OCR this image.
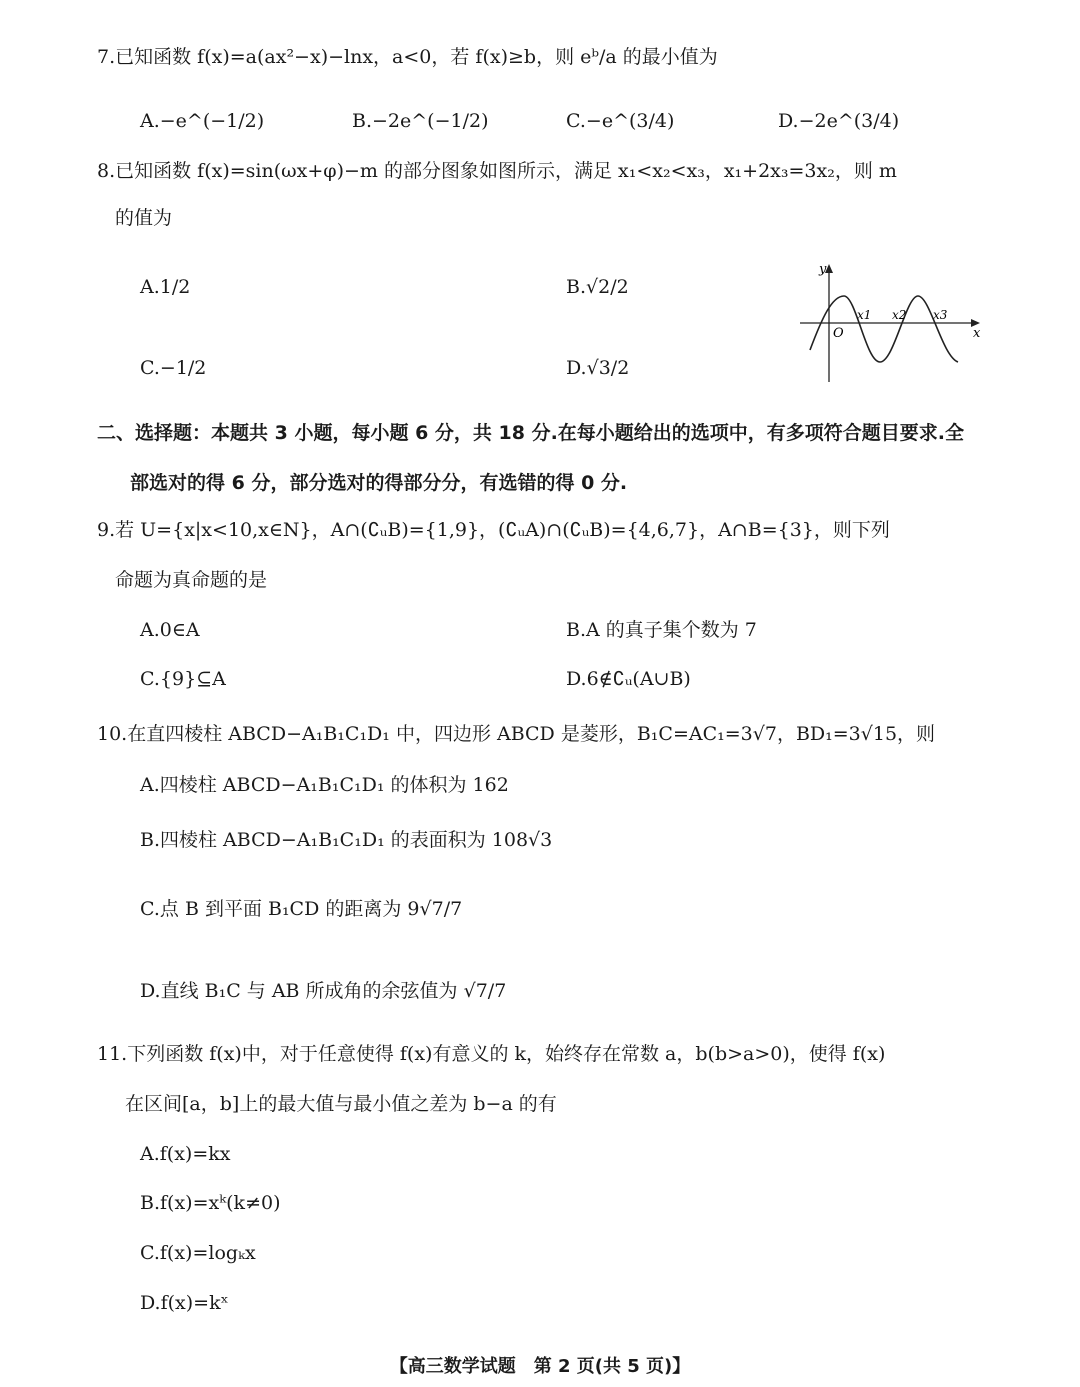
7.已知函数 f(x)=a(ax²−x)−lnx，a<0，若 f(x)≥b，则 eᵇ/a 的最小值为
A.−e^(−1/2)	B.−2e^(−1/2)	C.−e^(3/4)	D.−2e^(3/4)
8.已知函数 f(x)=sin(ωx+φ)−m 的部分图象如图所示，满足 x₁<x₂<x₃，x₁+2x₃=3x₂，则 m
的值为
A.1/2	B.√2/2
C.−1/2	D.√3/2
y
x
O
x1 x2 x3
二、选择题：本题共 3 小题，每小题 6 分，共 18 分.在每小题给出的选项中，有多项符合题目要求.全
部选对的得 6 分，部分选对的得部分分，有选错的得 0 分.
9.若 U={x|x<10,x∈N}，A∩(∁ᵤB)={1,9}，(∁ᵤA)∩(∁ᵤB)={4,6,7}，A∩B={3}，则下列
命题为真命题的是
A.0∈A	B.A 的真子集个数为 7
C.{9}⊆A	D.6∉∁ᵤ(A∪B)
10.在直四棱柱 ABCD−A₁B₁C₁D₁ 中，四边形 ABCD 是菱形，B₁C=AC₁=3√7，BD₁=3√15，则
A.四棱柱 ABCD−A₁B₁C₁D₁ 的体积为 162
B.四棱柱 ABCD−A₁B₁C₁D₁ 的表面积为 108√3
C.点 B 到平面 B₁CD 的距离为 9√7/7
D.直线 B₁C 与 AB 所成角的余弦值为 √7/7
11.下列函数 f(x)中，对于任意使得 f(x)有意义的 k，始终存在常数 a，b(b>a>0)，使得 f(x)
在区间[a，b]上的最大值与最小值之差为 b−a 的有
A.f(x)=kx
B.f(x)=xᵏ(k≠0)
C.f(x)=logₖx
D.f(x)=kˣ
【高三数学试题　第 2 页(共 5 页)】
